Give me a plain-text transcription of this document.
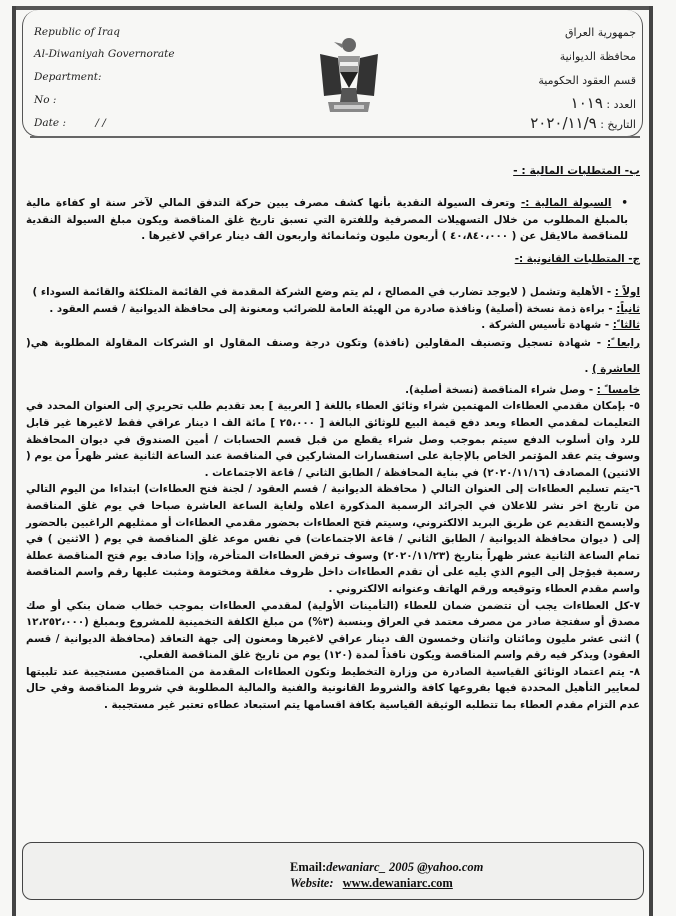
Republic of Iraq
Al-Diwaniyah Governorate
Department:
No :
Date :	/ /
جمهورية العراق
محافظة الديوانية
قسم العقود الحكومية
العدد : ١٠١٩
التاريخ : ٢٠٢٠/١١/٩
ب- المتطلبات المالية : -

• السيولة المالية :- وتعرف السيولة النقدية بأنها كشف مصرف يبين حركة التدفق المالي لآخر سنة او كفاءة مالية بالمبلغ المطلوب من خلال التسهيلات المصرفية وللفترة التي تسبق تاريخ غلق المناقصة ويكون مبلغ السيولة النقدية للمناقصة مالايقل عن ( ٤٠،٨٤٠،٠٠٠ ) أربعون مليون وثمانمائة واربعون الف دينار عراقي لاغيرها .

ج- المتطلبات القانونية :-

اولاً : - الأهلية وتشمل ( لايوجد تضارب في المصالح ، لم يتم وضع الشركة المقدمة في القائمة المتلكئة والقائمة السوداء )

ثانياً: - براءة ذمة نسخة (أصلية) ونافذة صادرة من الهيئة العامة للضرائب ومعنونة إلى محافظة الديوانية / قسم العقود .

ثالثا ً: - شهادة تأسيس الشركة .

رابعا ً: - شهادة تسجيل وتصنيف المقاولين (نافذة) وتكون درجة وصنف المقاول او الشركات المقاولة المطلوبة هي( العاشرة ) .

خامسا ً : - وصل شراء المناقصة (نسخة أصلية).

٥- بإمكان مقدمي العطاءات المهتمين شراء وثائق العطاء باللغة [ العربية ] بعد تقديم طلب تحريري إلى العنوان المحدد في التعليمات لمقدمي العطاء وبعد دفع قيمة البيع للوثائق البالغة [ ٢٥،٠٠٠ ] مائة الف ا دينار عراقي فقط لاغيرها غير قابل للرد وان أسلوب الدفع سيتم بموجب وصل شراء يقطع من قبل قسم الحسابات / أمين الصندوق في ديوان المحافظة وسوف يتم عقد المؤتمر الخاص بالإجابة على استفسارات المشاركين في المناقصة عند الساعة الثانية عشر ظهراً من يوم ( الاثنين) المصادف (٢٠٢٠/١١/١٦) في بناية المحافظة / الطابق الثاني / قاعة الاجتماعات .

٦-يتم تسليم العطاءات إلى العنوان التالي ( محافظة الديوانية / قسم العقود / لجنة فتح العطاءات) ابتداءا من اليوم التالي من تاريخ اخر نشر للاعلان في الجرائد الرسمية المذكورة اعلاه ولغاية الساعة العاشرة صباحا في يوم غلق المناقصة ولايسمح التقديم عن طريق البريد الالكتروني، وسيتم فتح العطاءات بحضور مقدمي العطاءات أو ممثليهم الراغبين بالحضور إلى ( ديوان محافظة الديوانية / الطابق الثاني / قاعة الاجتماعات) في نفس موعد غلق المناقصة في يوم ( الاثنين ) في تمام الساعة الثانية عشر ظهراً بتاريخ (٢٠٢٠/١١/٢٣) وسوف ترفض العطاءات المتأخرة، وإذا صادف يوم فتح المناقصة عطلة رسمية فيؤجل إلى اليوم الذي يليه على أن تقدم العطاءات داخل ظروف مغلقة ومختومة ومثبت عليها رقم واسم المناقصة واسم مقدم العطاء وتوقيعه ورقم الهاتف وعنوانه الالكتروني .

٧-كل العطاءات يجب أن تتضمن ضمان للعطاء (التأمينات الأولية) لمقدمي العطاءات بموجب خطاب ضمان بنكي أو صك مصدق أو سفتجة صادر من مصرف معتمد في العراق وبنسبة (٣%) من مبلغ الكلفة التخمينية للمشروع وبمبلغ (١٢،٢٥٢،٠٠٠ ) اثنى عشر مليون ومائتان واثنان وخمسون الف دينار عراقي لاغيرها ومعنون إلى جهة التعاقد (محافظة الديوانية / قسم العقود) ويذكر فيه رقم واسم المناقصة ويكون نافذاً لمدة (١٢٠) يوم من تاريخ غلق المناقصة الفعلي.

٨- يتم اعتماد الوثائق القياسية الصادرة من وزارة التخطيط وتكون العطاءات المقدمة من المناقصين مستجيبة عند تلبيتها لمعايير التأهيل المحددة فيها بفروعها كافة والشروط القانونية والفنية والمالية المطلوبة في شروط المناقصة وفي حال عدم التزام مقدم العطاء بما تتطلبه الوثيقة القياسية بكافة اقسامها يتم استبعاد عطاءه تعتبر غير مستجيبة .

Email:dewaniarc_ 2005 @yahoo.com
Website: www.dewaniarc.com
